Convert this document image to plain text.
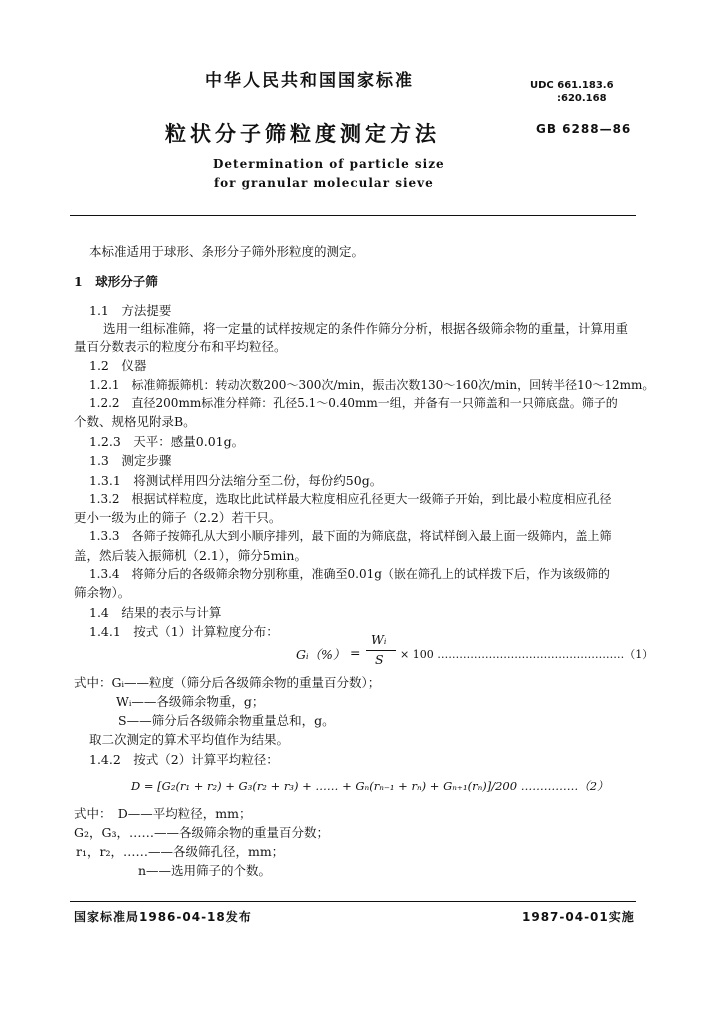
中华人民共和国国家标准	UDC 661.183.6
:620.168
粒状分子筛粒度测定方法	GB 6288—86
Determination of particle size
for granular molecular sieve
本标准适用于球形、条形分子筛外形粒度的测定。
1　球形分子筛
1.1　方法提要
选用一组标准筛，将一定量的试样按规定的条件作筛分分析，根据各级筛余物的重量，计算用重
量百分数表示的粒度分布和平均粒径。
1.2　仪器
1.2.1　标准筛振筛机：转动次数200～300次/min，振击次数130～160次/min，回转半径10～12mm。
1.2.2　直径200mm标准分样筛：孔径5.1～0.40mm一组，并备有一只筛盖和一只筛底盘。筛子的
个数、规格见附录B。
1.2.3　天平：感量0.01g。
1.3　测定步骤
1.3.1　将测试样用四分法缩分至二份，每份约50g。
1.3.2　根据试样粒度，选取比此试样最大粒度相应孔径更大一级筛子开始，到比最小粒度相应孔径
更小一级为止的筛子（2.2）若干只。
1.3.3　各筛子按筛孔从大到小顺序排列，最下面的为筛底盘，将试样倒入最上面一级筛内，盖上筛
盖，然后装入振筛机（2.1），筛分5min。
1.3.4　将筛分后的各级筛余物分别称重，准确至0.01g（嵌在筛孔上的试样拨下后，作为该级筛的
筛余物）。
1.4　结果的表示与计算
1.4.1　按式（1）计算粒度分布：
Gᵢ（%） =
Wᵢ
S × 100 ……………………………………………（1）
式中：Gᵢ——粒度（筛分后各级筛余物的重量百分数）；
Wᵢ——各级筛余物重，g；
S——筛分后各级筛余物重量总和，g。
取二次测定的算术平均值作为结果。
1.4.2　按式（2）计算平均粒径：
D = [G₂(r₁ + r₂) + G₃(r₂ + r₃) + …… + Gₙ(rₙ₋₁ + rₙ) + Gₙ₊₁(rₙ)]/200 ……………（2）
式中：　D——平均粒径，mm；
G₂，G₃，……——各级筛余物的重量百分数；
r₁，r₂，……——各级筛孔径，mm；
n——选用筛子的个数。
国家标准局1986-04-18发布	1987-04-01实施
